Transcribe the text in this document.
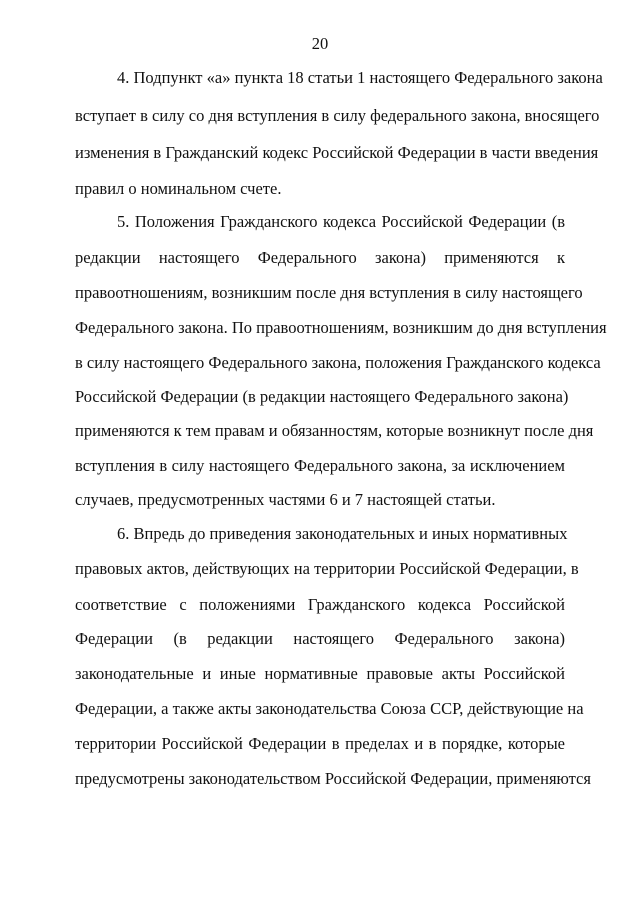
20
4. Подпункт «а» пункта 18 статьи 1 настоящего Федерального закона
вступает в силу со дня вступления в силу федерального закона, вносящего
изменения в Гражданский кодекс Российской Федерации в части введения
правил о номинальном счете.
5. Положения Гражданского кодекса Российской Федерации (в
редакции настоящего Федерального закона) применяются к
правоотношениям, возникшим после дня вступления в силу настоящего
Федерального закона. По правоотношениям, возникшим до дня вступления
в силу настоящего Федерального закона, положения Гражданского кодекса
Российской Федерации (в редакции настоящего Федерального закона)
применяются к тем правам и обязанностям, которые возникнут после дня
вступления в силу настоящего Федерального закона, за исключением
случаев, предусмотренных частями 6 и 7 настоящей статьи.
6. Впредь до приведения законодательных и иных нормативных
правовых актов, действующих на территории Российской Федерации, в
соответствие с положениями Гражданского кодекса Российской
Федерации (в редакции настоящего Федерального закона)
законодательные и иные нормативные правовые акты Российской
Федерации, а также акты законодательства Союза ССР, действующие на
территории Российской Федерации в пределах и в порядке, которые
предусмотрены законодательством Российской Федерации, применяются
